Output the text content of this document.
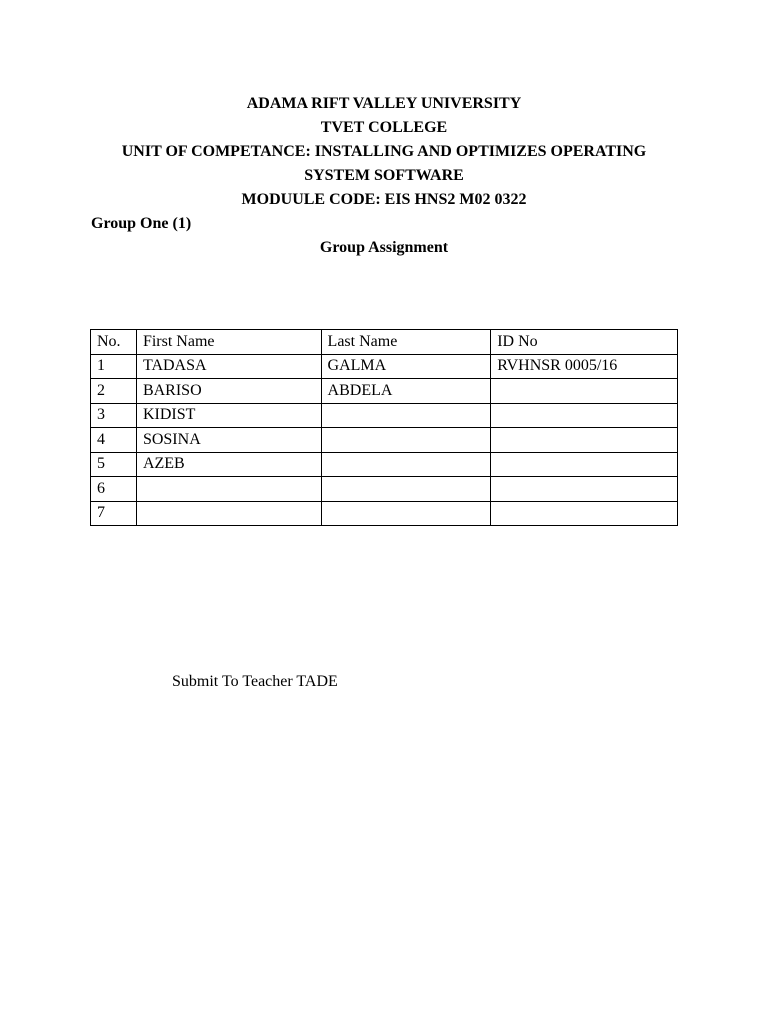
ADAMA RIFT VALLEY UNIVERSITY
TVET COLLEGE
UNIT OF COMPETANCE: INSTALLING AND OPTIMIZES OPERATING
SYSTEM SOFTWARE
MODUULE CODE: EIS HNS2 M02 0322
Group One (1)
Group Assignment
No.	First Name	Last Name	ID No
1	TADASA	GALMA	RVHNSR 0005/16
2	BARISO	ABDELA	
3	KIDIST		
4	SOSINA		
5	AZEB		
6			
7			
Submit To Teacher TADE
